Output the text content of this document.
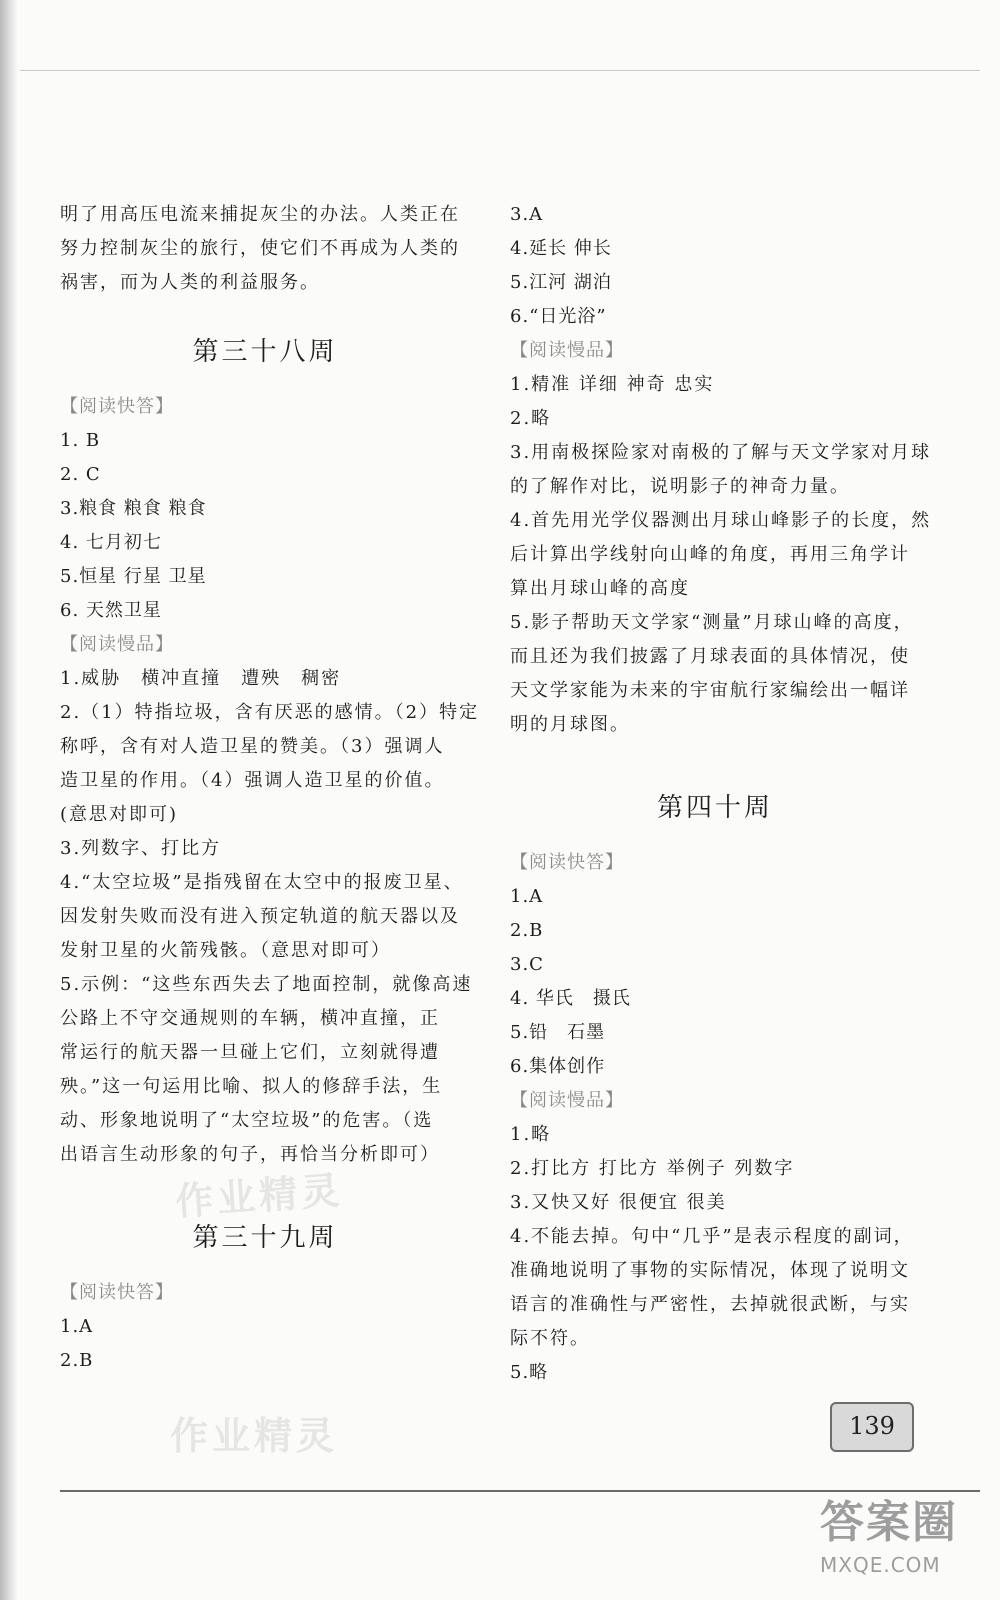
明了用高压电流来捕捉灰尘的办法。人类正在
努力控制灰尘的旅行，使它们不再成为人类的
祸害，而为人类的利益服务。
第三十八周
【阅读快答】
1. B
2. C
3.粮食 粮食 粮食
4. 七月初七
5.恒星 行星 卫星
6. 天然卫星
【阅读慢品】
1.威胁　横冲直撞　遭殃　稠密
2.（1）特指垃圾，含有厌恶的感情。（2）特定
称呼，含有对人造卫星的赞美。（3）强调人
造卫星的作用。（4）强调人造卫星的价值。
(意思对即可)
3.列数字、打比方
4.“太空垃圾”是指残留在太空中的报废卫星、
因发射失败而没有进入预定轨道的航天器以及
发射卫星的火箭残骸。（意思对即可）
5.示例：“这些东西失去了地面控制，就像高速
公路上不守交通规则的车辆，横冲直撞，正
常运行的航天器一旦碰上它们，立刻就得遭
殃。”这一句运用比喻、拟人的修辞手法，生
动、形象地说明了“太空垃圾”的危害。（选
出语言生动形象的句子，再恰当分析即可）
第三十九周
【阅读快答】
1.A
2.B
3.A
4.延长 伸长
5.江河 湖泊
6.“日光浴”
【阅读慢品】
1.精准 详细 神奇 忠实
2.略
3.用南极探险家对南极的了解与天文学家对月球
的了解作对比，说明影子的神奇力量。
4.首先用光学仪器测出月球山峰影子的长度，然
后计算出学线射向山峰的角度，再用三角学计
算出月球山峰的高度
5.影子帮助天文学家“测量”月球山峰的高度，
而且还为我们披露了月球表面的具体情况，使
天文学家能为未来的宇宙航行家编绘出一幅详
明的月球图。
第四十周
【阅读快答】
1.A
2.B
3.C
4. 华氏　摄氏
5.铅　石墨
6.集体创作
【阅读慢品】
1.略
2.打比方 打比方 举例子 列数字
3.又快又好 很便宜 很美
4.不能去掉。句中“几乎”是表示程度的副词，
准确地说明了事物的实际情况，体现了说明文
语言的准确性与严密性，去掉就很武断，与实
际不符。
5.略
作业精灵
作业精灵	139
答案圈
MXQE.COM
